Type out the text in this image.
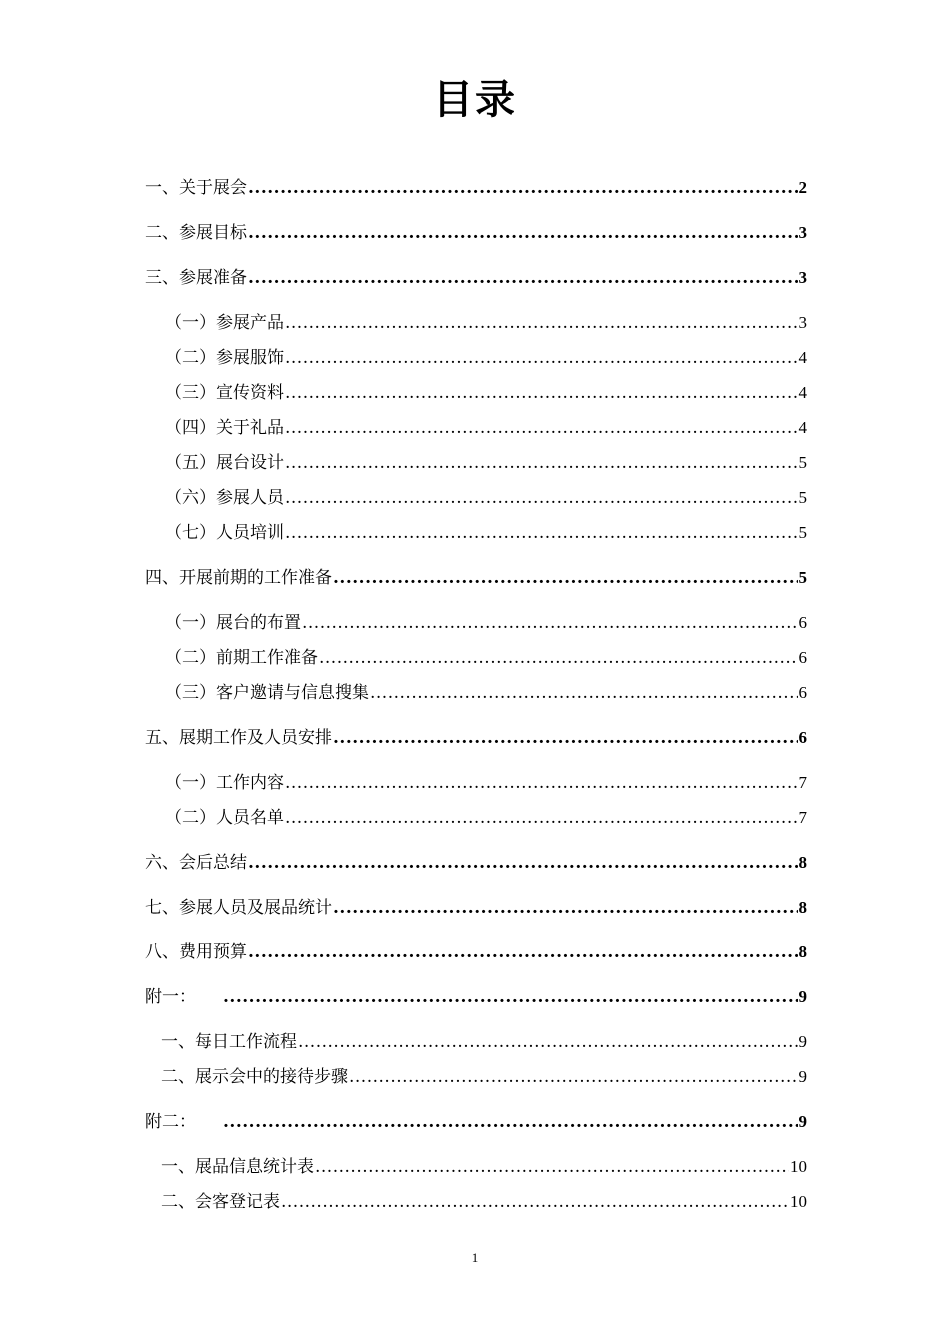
目录
一、关于展会 .....	2
二、参展目标 .....	3
三、参展准备 .....	3
（一）参展产品 .....	3
（二）参展服饰 .....	4
（三）宣传资料 .....	4
（四）关于礼品 .....	4
（五）展台设计 .....	5
（六）参展人员 .....	5
（七）人员培训 .....	5
四、开展前期的工作准备 .....	5
（一）展台的布置 .....	6
（二）前期工作准备 .....	6
（三）客户邀请与信息搜集 .....	6
五、展期工作及人员安排 .....	6
（一）工作内容 .....	7
（二）人员名单 .....	7
六、会后总结 .....	8
七、参展人员及展品统计 .....	8
八、费用预算 .....	8
附一： .....	9
一、每日工作流程 .....	9
二、展示会中的接待步骤 .....	9
附二： .....	9
一、展品信息统计表 .....	10
二、会客登记表 .....	10
1
